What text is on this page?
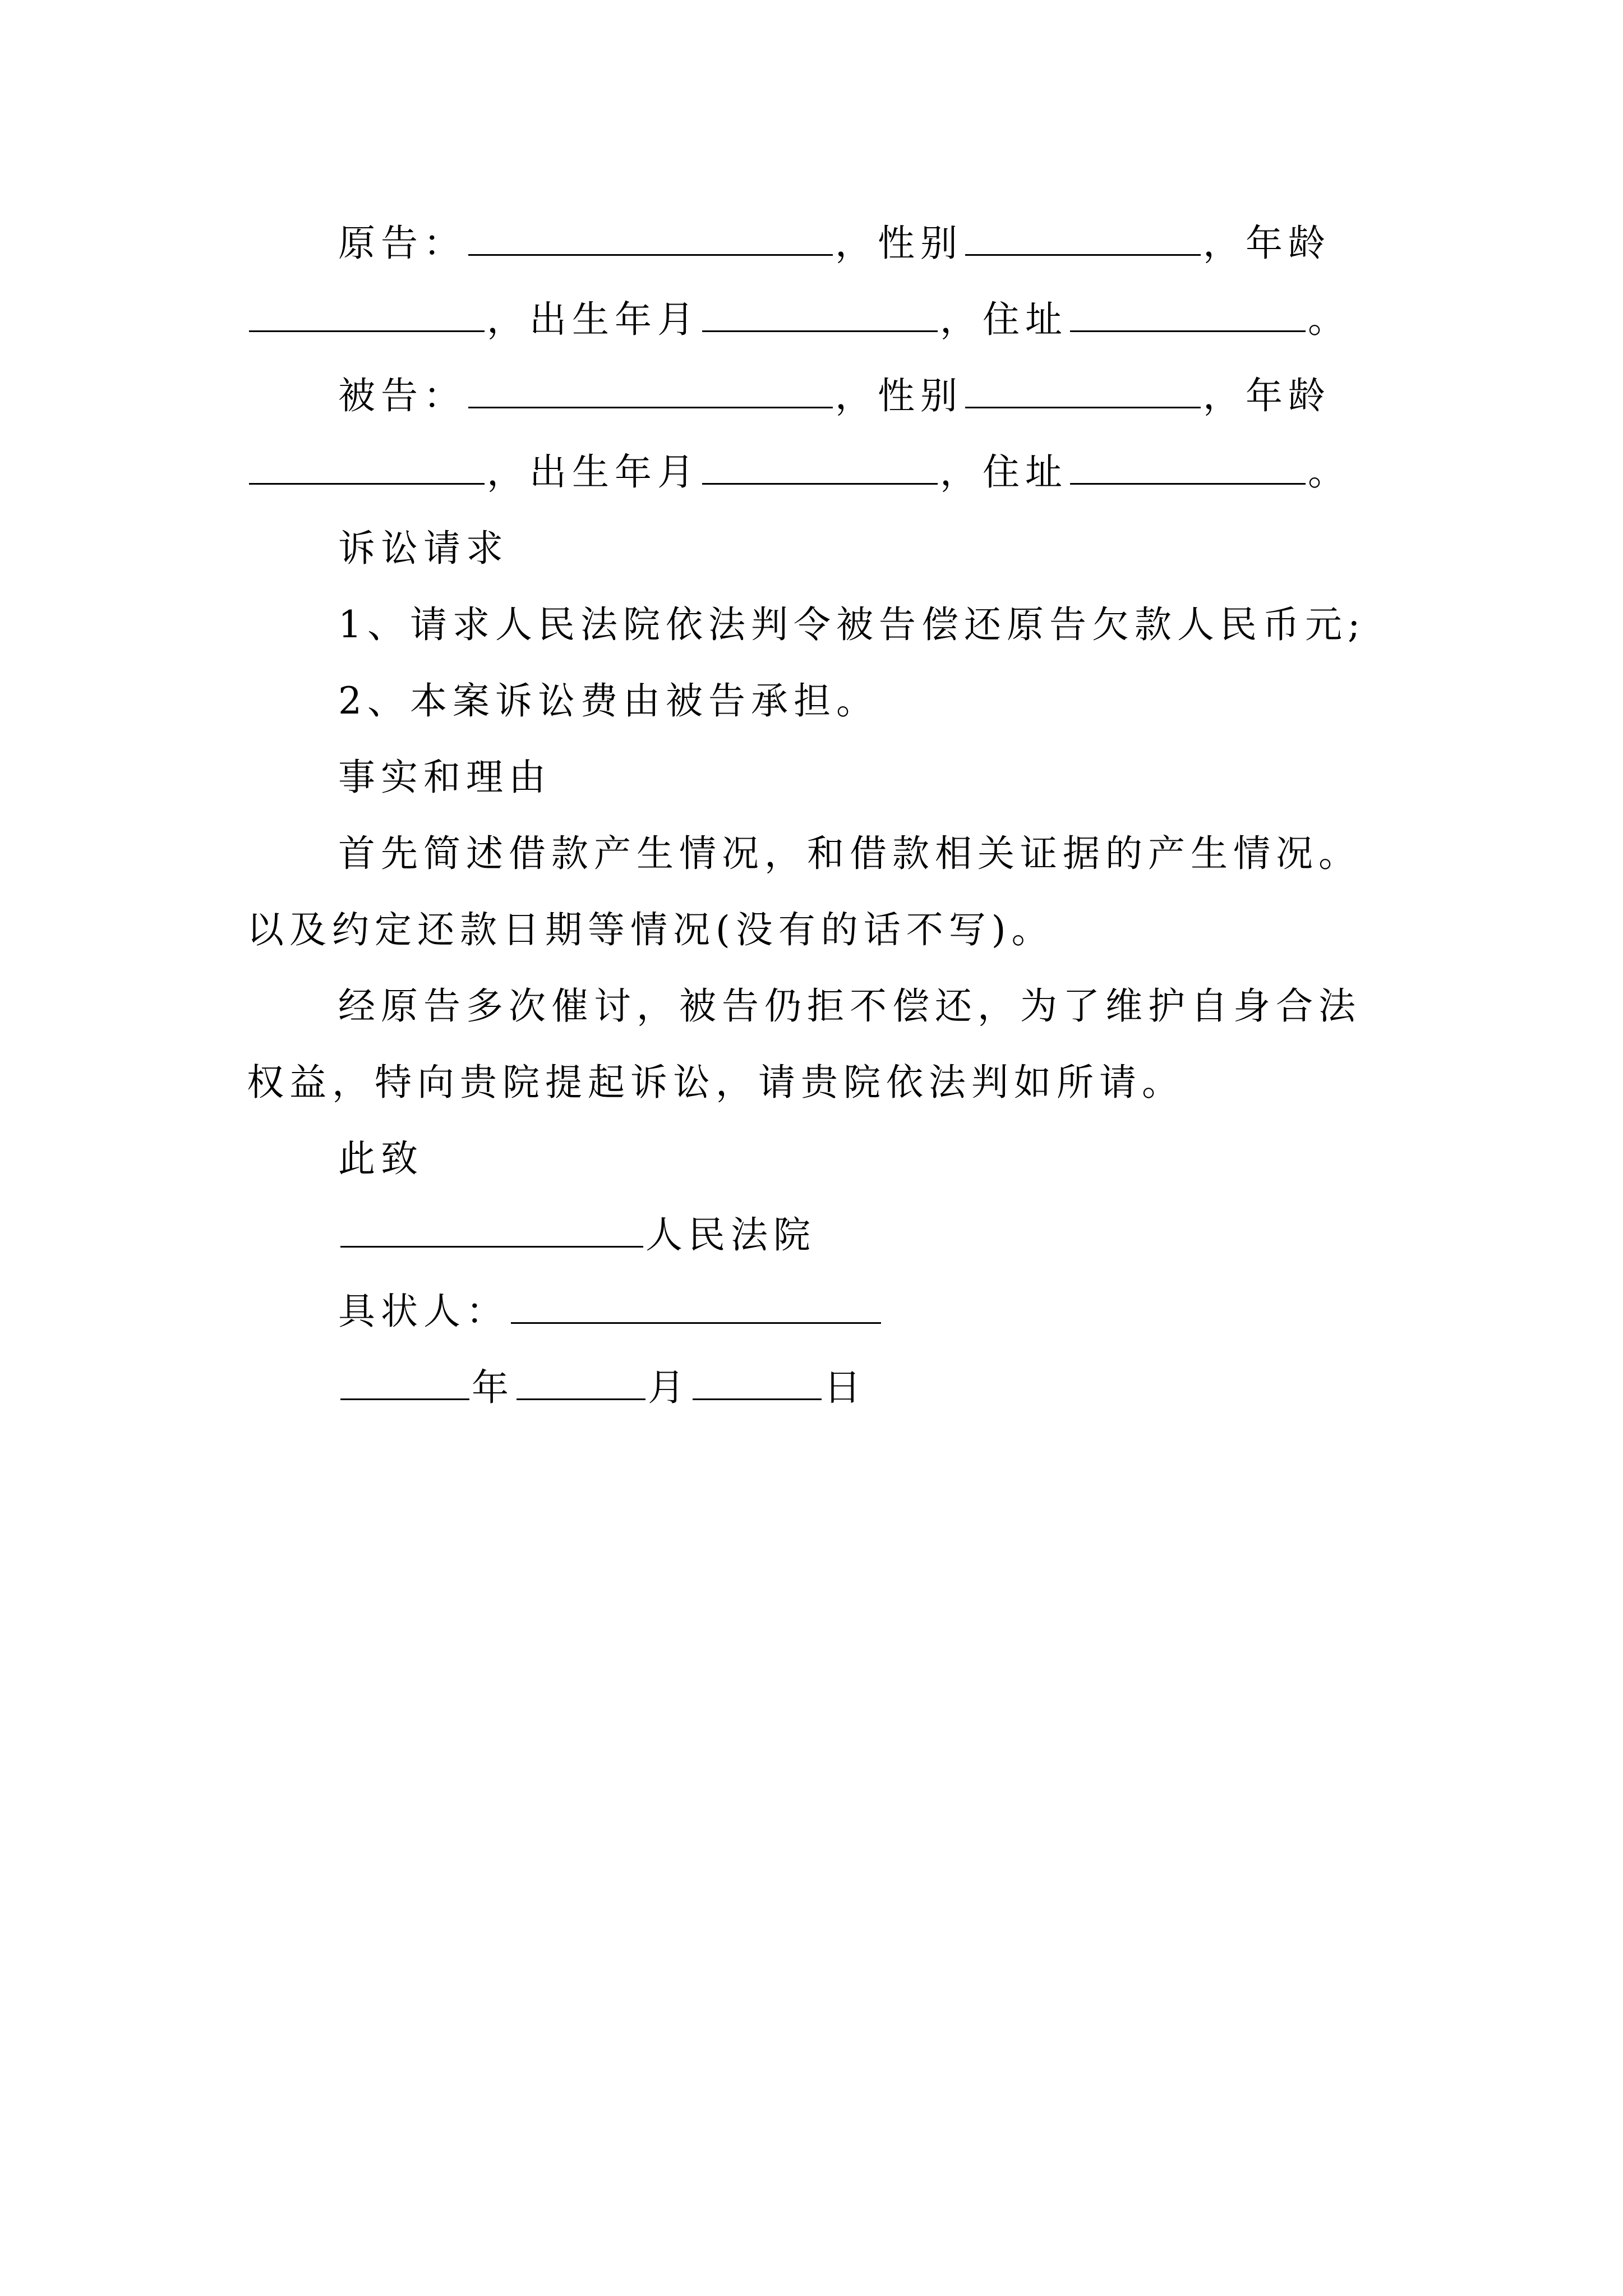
原告：	，性别	，年龄
，出生年月	，住址	。
被告：	，性别	，年龄
，出生年月	，住址	。
诉讼请求
1、请求人民法院依法判令被告偿还原告欠款人民币元;
2、本案诉讼费由被告承担。
事实和理由
首先简述借款产生情况，和借款相关证据的产生情况。
以及约定还款日期等情况(没有的话不写)。
经原告多次催讨，被告仍拒不偿还，为了维护自身合法
权益，特向贵院提起诉讼，请贵院依法判如所请。
此致
人民法院
具状人：
年	月	日
